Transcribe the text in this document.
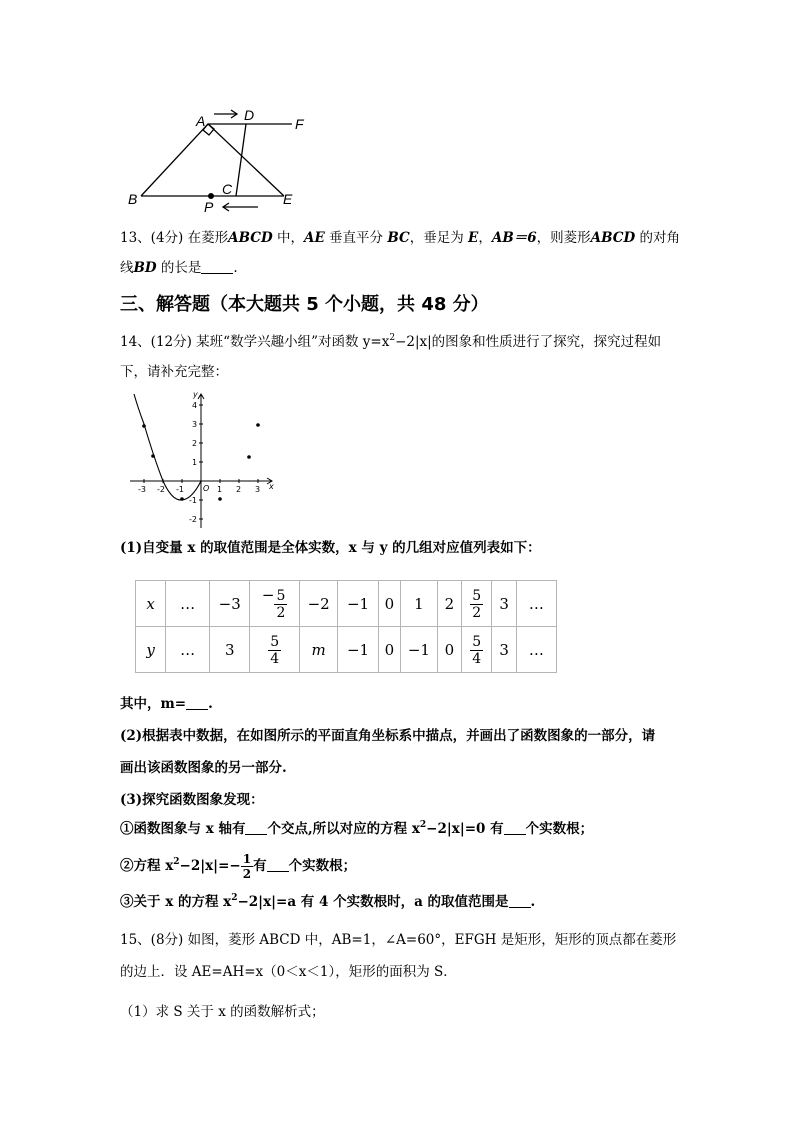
A	D
F
B
C
P	E
13、(4分) 在菱形ABCD 中，AE 垂直平分 BC，垂足为 E，AB＝6，则菱形ABCD 的对角
线BD 的长是 .
三、解答题（本大题共 5 个小题，共 48 分）
14、(12分) 某班“数学兴趣小组”对函数 $y=x^2-2|x|$的图象和性质进行了探究，探究过程如
下，请补充完整：
-3 -2 -1 O 1 2 3 x
4
3
2
1
-1
-2
y
(1)自变量 x 的取值范围是全体实数，x 与 y 的几组对应值列表如下：
x	…	−3	− $\frac{5}{2}$	−2	−1	0	1	2	$\frac{5}{2}$	3	…
y	…	3	$\frac{5}{4}$	m	−1	0	−1	0	$\frac{5}{4}$	3	…
其中，m= .
(2)根据表中数据，在如图所示的平面直角坐标系中描点，并画出了函数图象的一部分，请
画出该函数图象的另一部分.
(3)探究函数图象发现：
①函数图象与 x 轴有 个交点,所以对应的方程 $x^2-2|x|=0$ 有 个实数根；
②方程 $x^2-2|x|=- \frac{1}{2}$ 有 个实数根；
③关于 x 的方程 $x^2-2|x|=a$ 有 4 个实数根时，a 的取值范围是 .
15、(8分) 如图，菱形 ABCD 中，AB=1，∠A=60°，EFGH 是矩形，矩形的顶点都在菱形
的边上．设 AE=AH=x（0＜x＜1），矩形的面积为 S．
（1）求 S 关于 x 的函数解析式；
